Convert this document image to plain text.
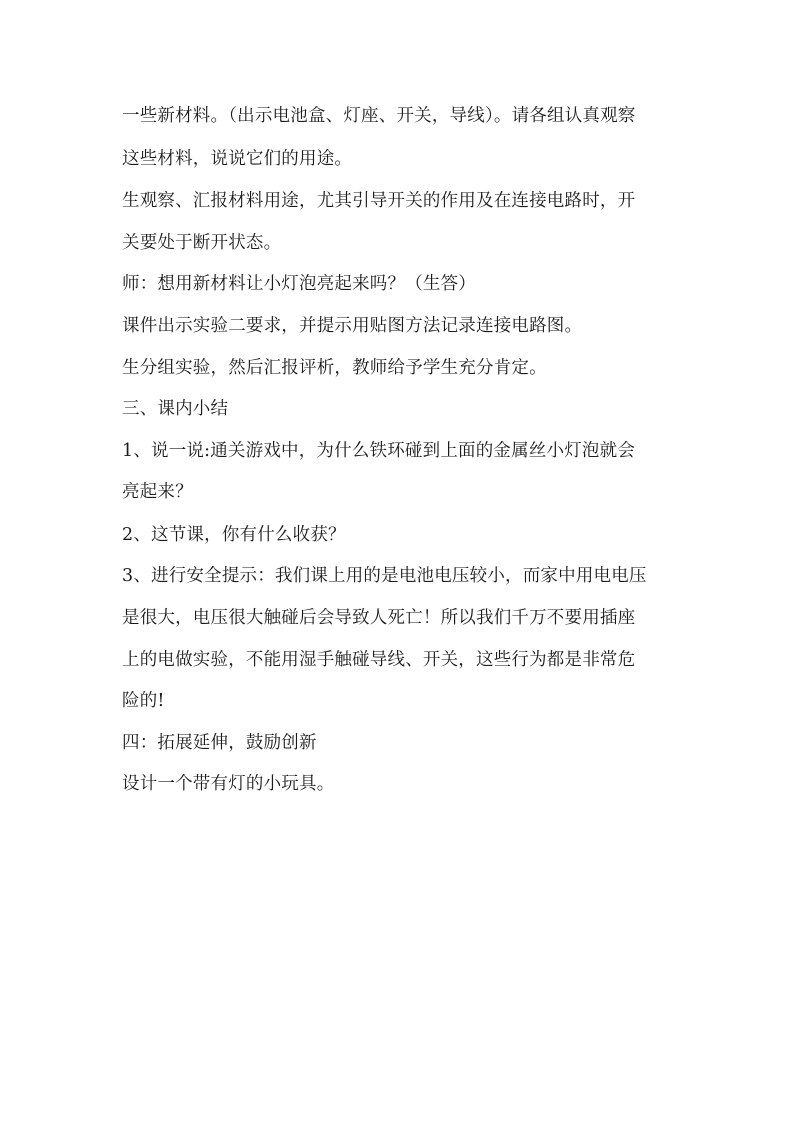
一些新材料。（出示电池盒、灯座、开关，导线）。请各组认真观察

这些材料，说说它们的用途。

生观察、汇报材料用途，尤其引导开关的作用及在连接电路时，开

关要处于断开状态。

师：想用新材料让小灯泡亮起来吗？（生答）

课件出示实验二要求，并提示用贴图方法记录连接电路图。

生分组实验，然后汇报评析，教师给予学生充分肯定。

三、课内小结

1、说一说:通关游戏中，为什么铁环碰到上面的金属丝小灯泡就会

亮起来？

2、这节课，你有什么收获？

3、进行安全提示：我们课上用的是电池电压较小，而家中用电电压

是很大，电压很大触碰后会导致人死亡！所以我们千万不要用插座

上的电做实验，不能用湿手触碰导线、开关，这些行为都是非常危

险的!

四：拓展延伸，鼓励创新

设计一个带有灯的小玩具。
